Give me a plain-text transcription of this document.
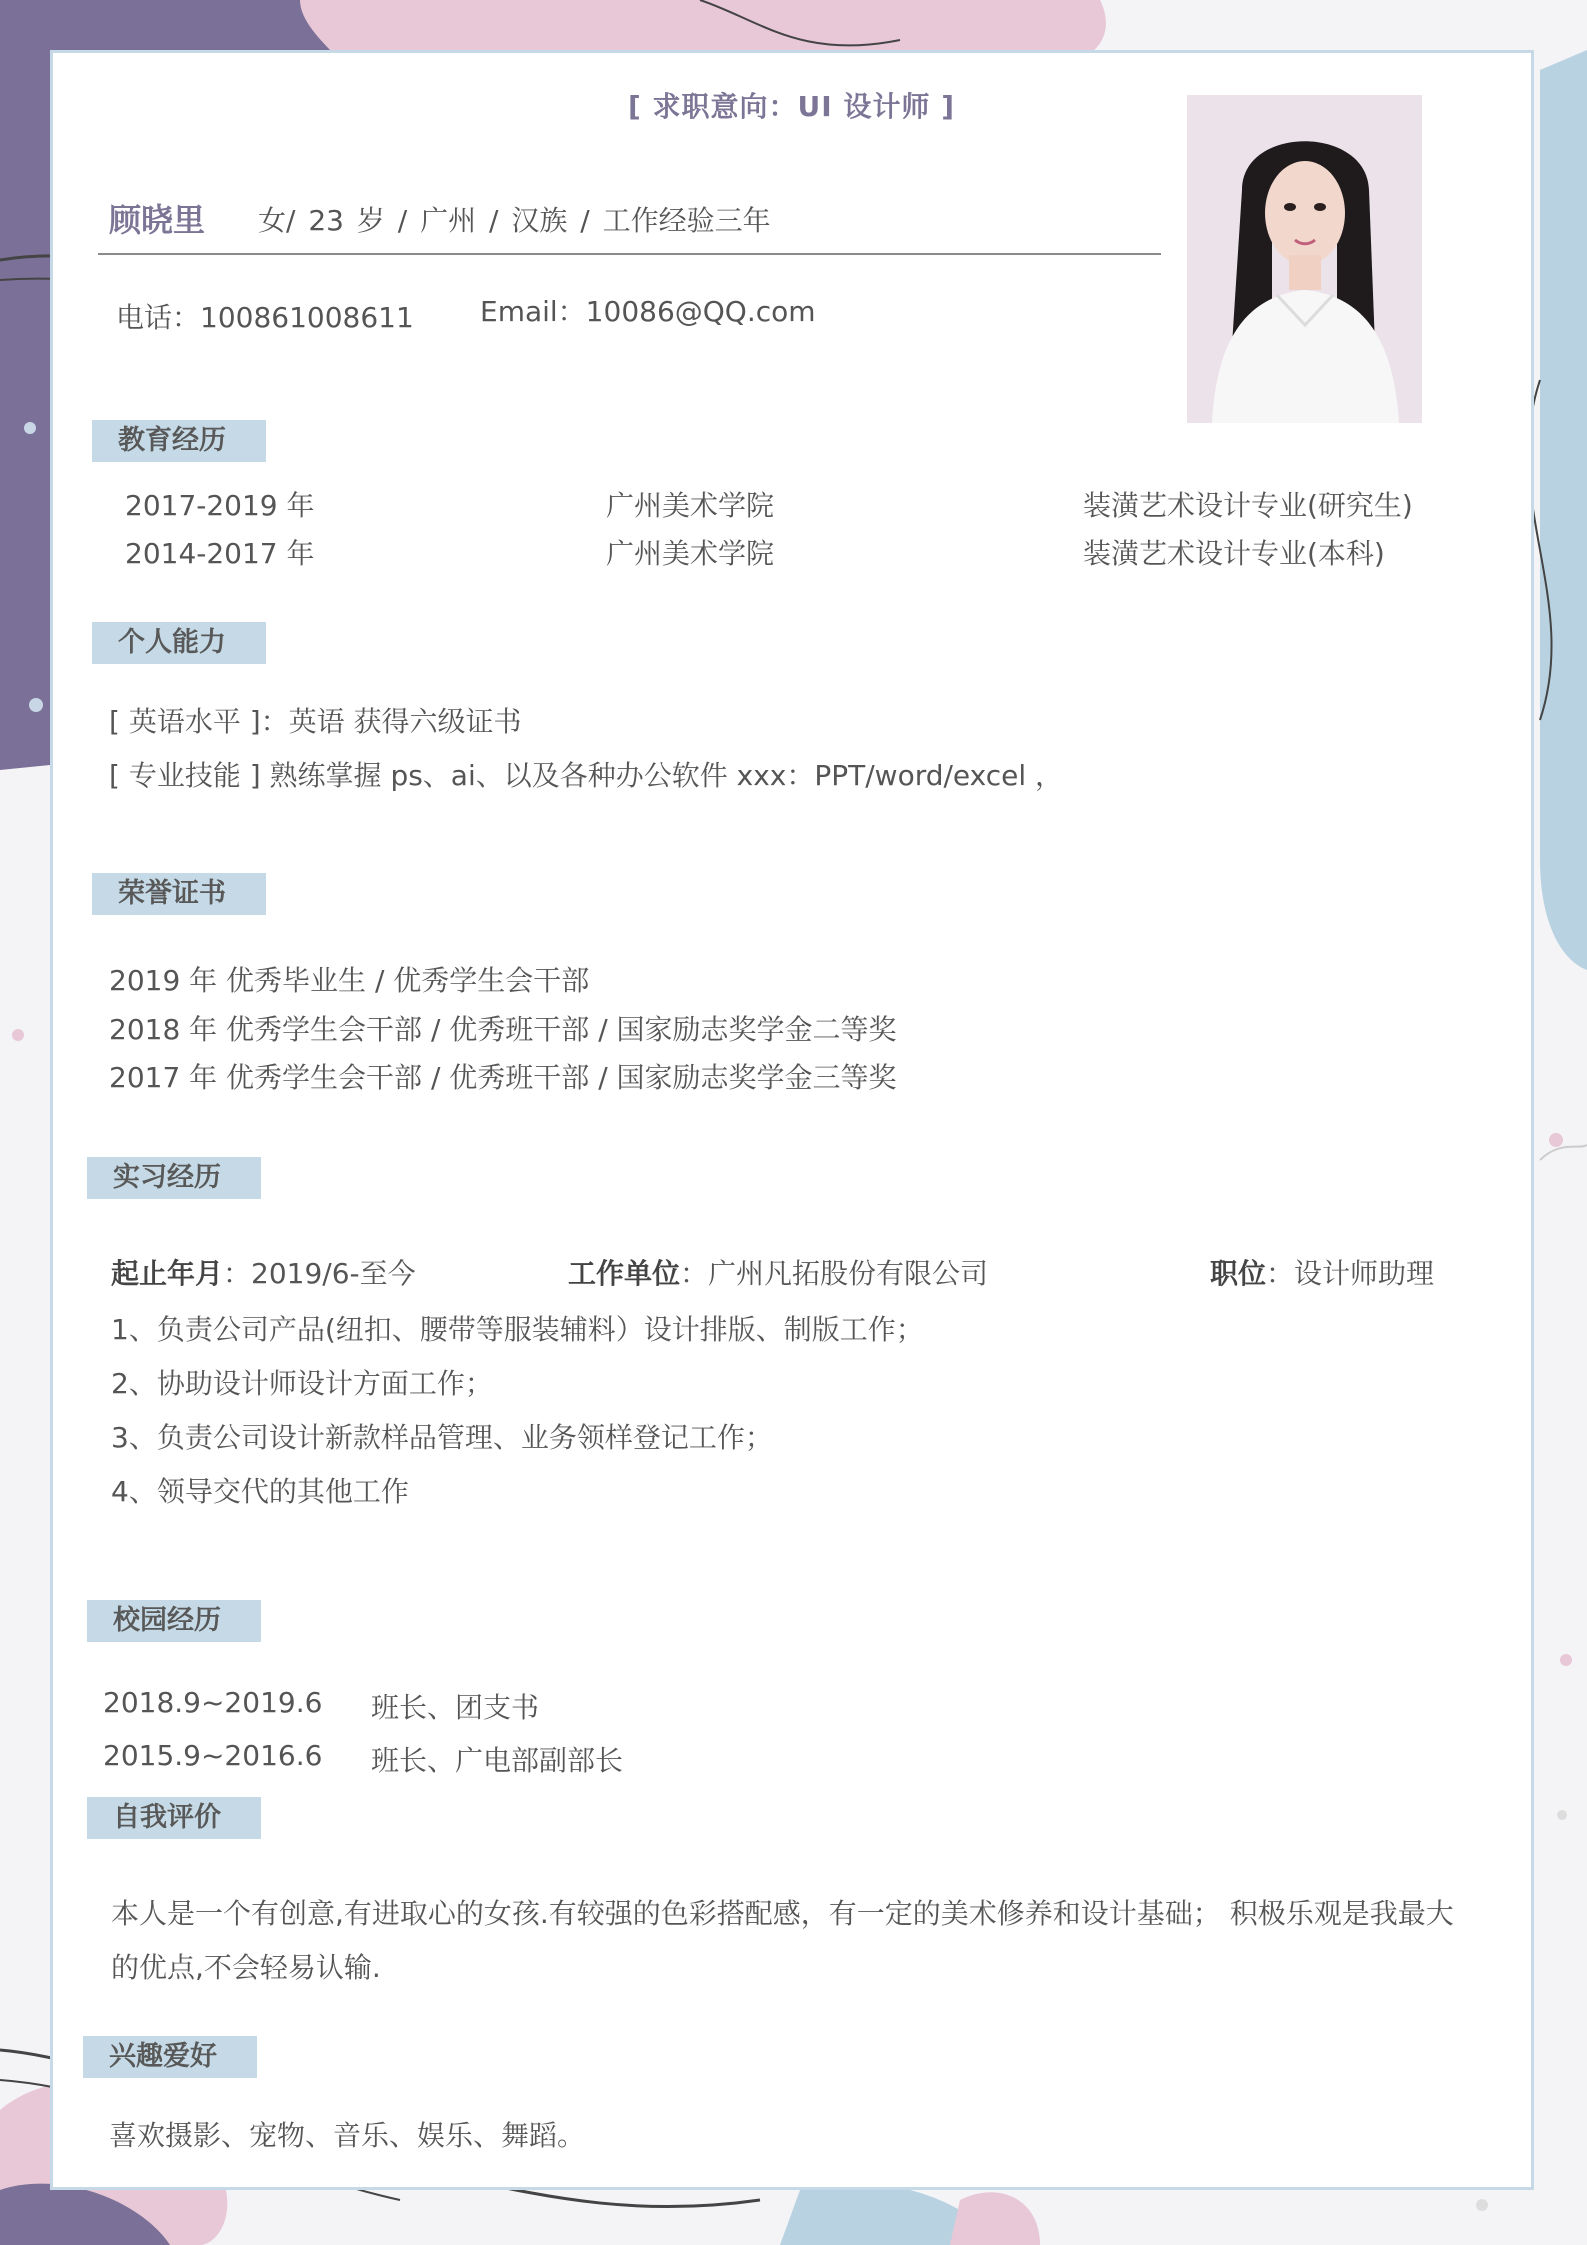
[ 求职意向：UI 设计师 ]
顾晓里 女/ 23 岁 / 广州 / 汉族 / 工作经验三年
电话：100861008611 Email：10086@QQ.com
教育经历
2017-2019 年	广州美术学院	装潢艺术设计专业(研究生)
2014-2017 年	广州美术学院	装潢艺术设计专业(本科)
个人能力
[ 英语水平 ]：英语 获得六级证书
[ 专业技能 ] 熟练掌握 ps、ai、以及各种办公软件 xxx：PPT/word/excel ，
荣誉证书
2019 年 优秀毕业生 / 优秀学生会干部
2018 年 优秀学生会干部 / 优秀班干部 / 国家励志奖学金二等奖
2017 年 优秀学生会干部 / 优秀班干部 / 国家励志奖学金三等奖
实习经历
起止年月：2019/6-至今	工作单位：广州凡拓股份有限公司	职位：设计师助理
1、负责公司产品(纽扣、腰带等服装辅料）设计排版、制版工作；
2、协助设计师设计方面工作；
3、负责公司设计新款样品管理、业务领样登记工作；
4、领导交代的其他工作
校园经历
2018.9~2019.6 班长、团支书
2015.9~2016.6 班长、广电部副部长
自我评价
本人是一个有创意,有进取心的女孩.有较强的色彩搭配感，有一定的美术修养和设计基础； 积极乐观是我最大
的优点,不会轻易认输.
兴趣爱好
喜欢摄影、宠物、音乐、娱乐、舞蹈。
